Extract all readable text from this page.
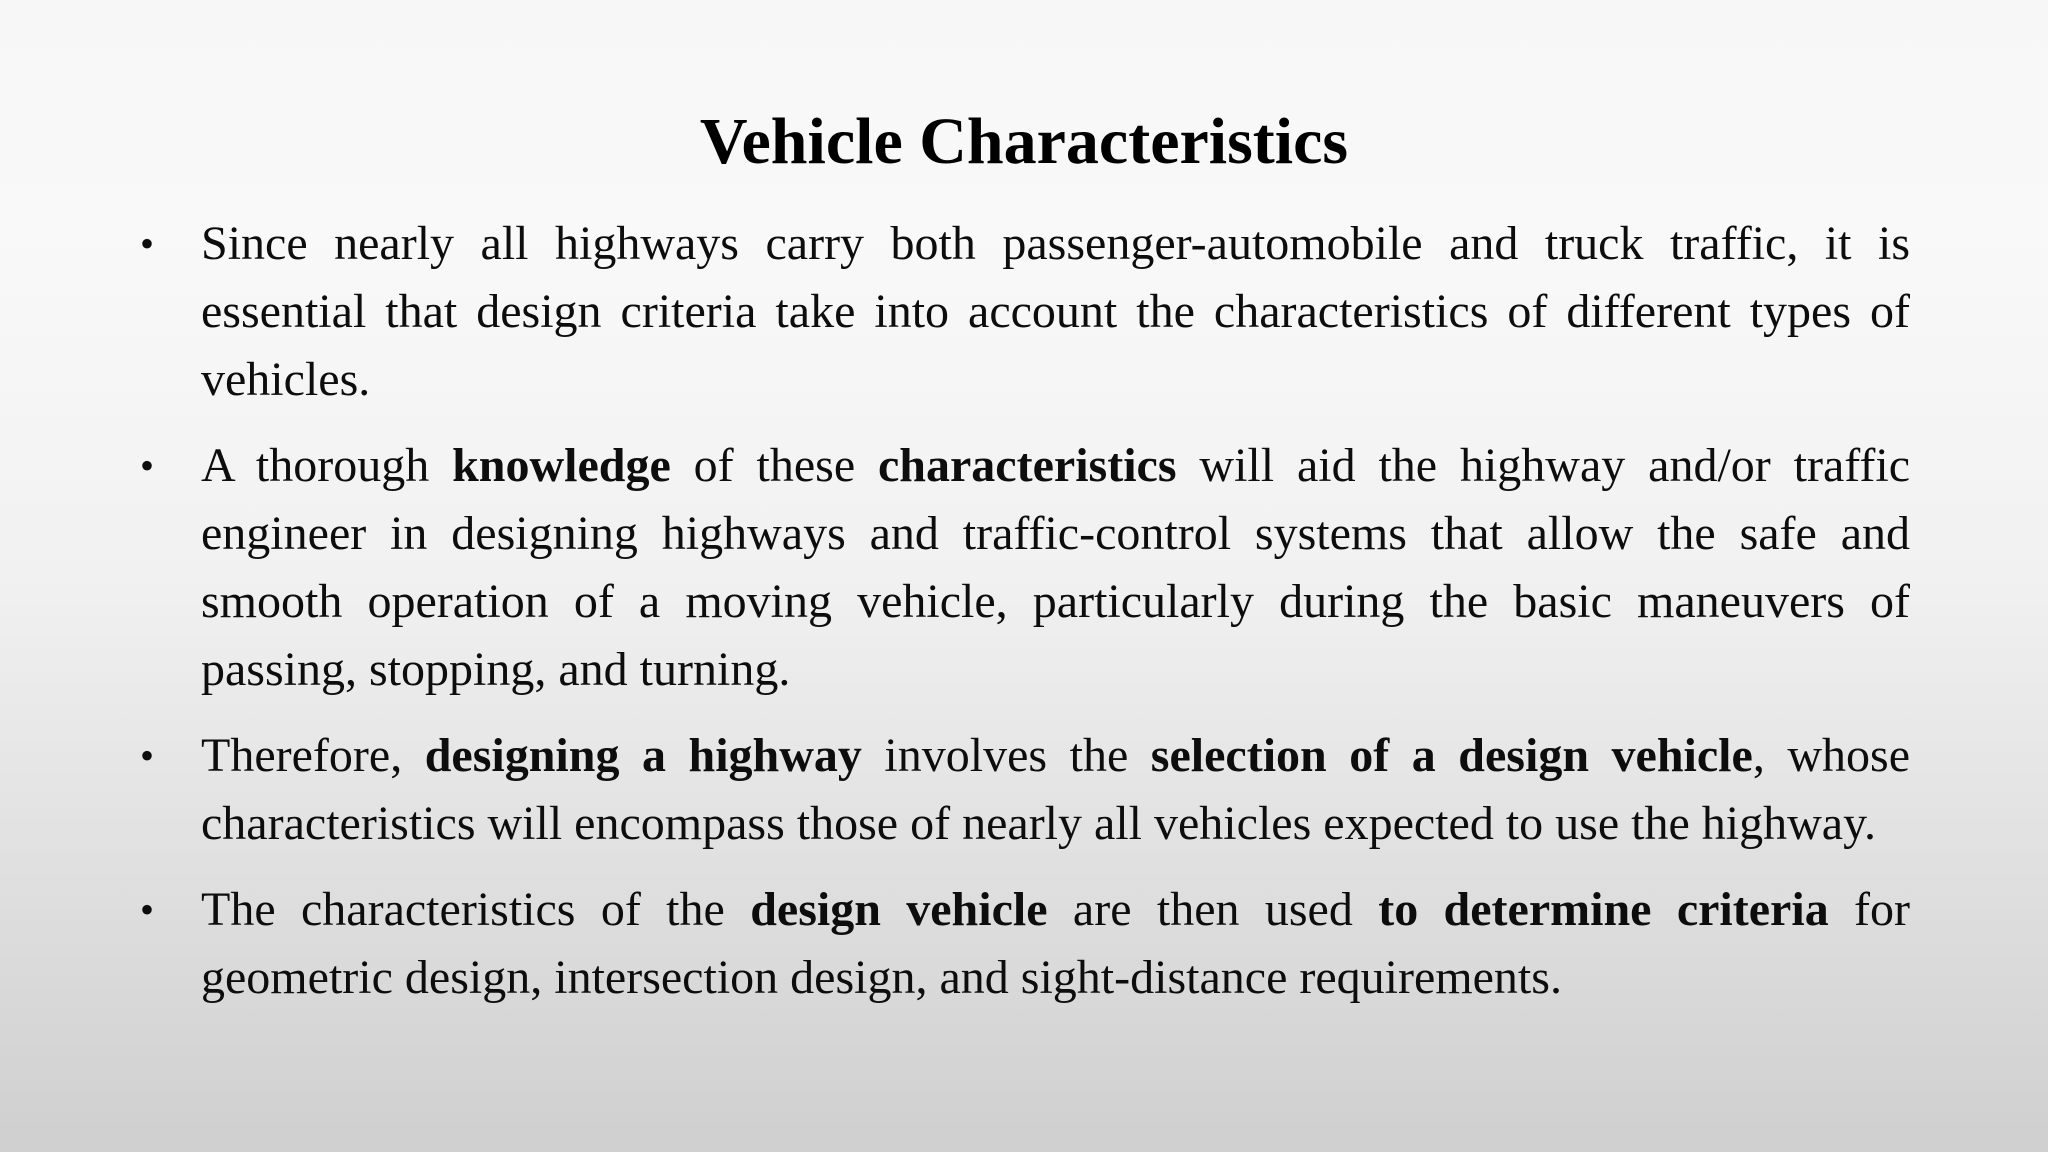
Vehicle Characteristics
• Since nearly all highways carry both passenger-automobile and truck traffic, it is essential that design criteria take into account the characteristics of different types of vehicles.
• A thorough knowledge of these characteristics will aid the highway and/or traffic engineer in designing highways and traffic-control systems that allow the safe and smooth operation of a moving vehicle, particularly during the basic maneuvers of passing, stopping, and turning.
• Therefore, designing a highway involves the selection of a design vehicle, whose characteristics will encompass those of nearly all vehicles expected to use the highway.
• The characteristics of the design vehicle are then used to determine criteria for geometric design, intersection design, and sight-distance requirements.
